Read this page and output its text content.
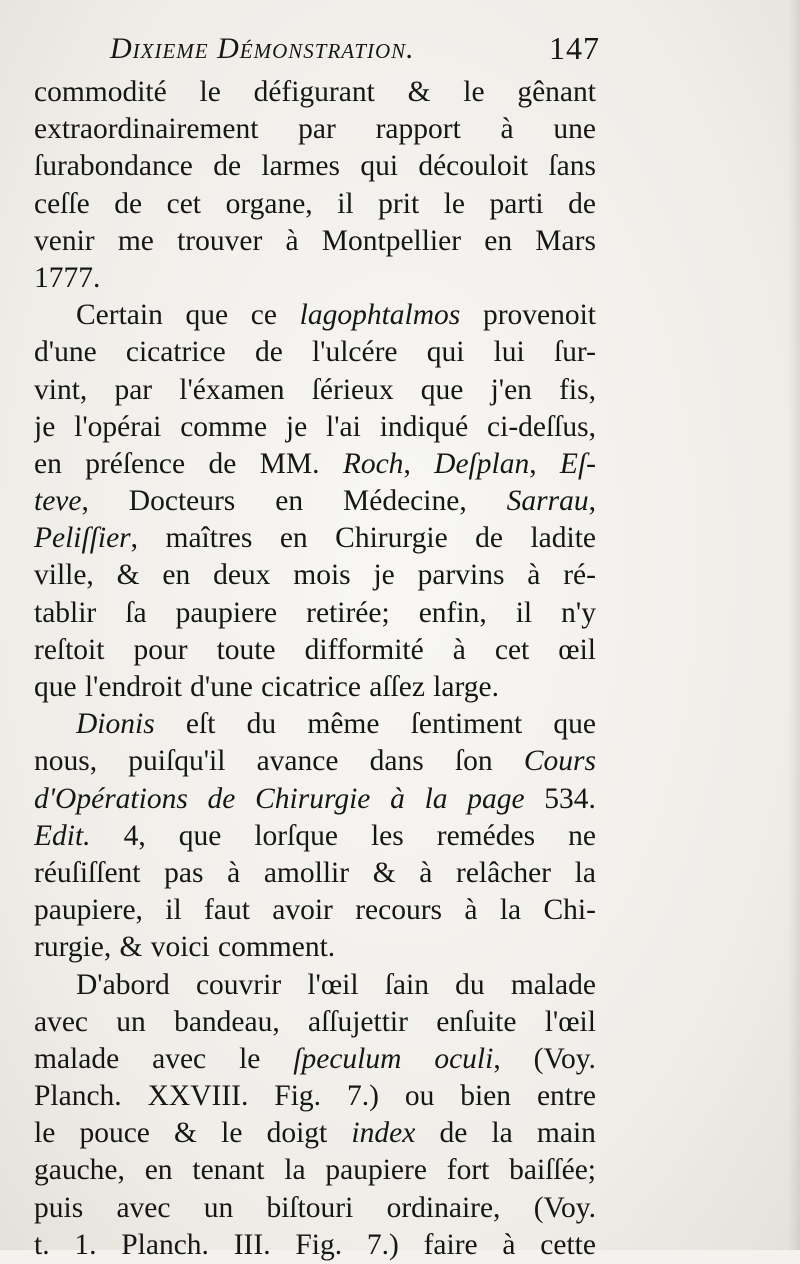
Dixieme Démonstration.	147
commodité le défigurant & le gênant
extraordinairement par rapport à une
ſurabondance de larmes qui découloit ſans
ceſſe de cet organe, il prit le parti de
venir me trouver à Montpellier en Mars
1777.
Certain que ce lagophtalmos provenoit
d'une cicatrice de l'ulcére qui lui ſur-
vint, par l'éxamen ſérieux que j'en fis,
je l'opérai comme je l'ai indiqué ci-deſſus,
en préſence de MM. Roch, Deſplan, Eſ-
teve, Docteurs en Médecine, Sarrau,
Peliſſier, maîtres en Chirurgie de ladite
ville, & en deux mois je parvins à ré-
tablir ſa paupiere retirée; enfin, il n'y
reſtoit pour toute difformité à cet œil
que l'endroit d'une cicatrice aſſez large.
Dionis eſt du même ſentiment que
nous, puiſqu'il avance dans ſon Cours
d'Opérations de Chirurgie à la page 534.
Edit. 4, que lorſque les remédes ne
réuſiſſent pas à amollir & à relâcher la
paupiere, il faut avoir recours à la Chi-
rurgie, & voici comment.
D'abord couvrir l'œil ſain du malade
avec un bandeau, aſſujettir enſuite l'œil
malade avec le ſpeculum oculi, (Voy.
Planch. XXVIII. Fig. 7.) ou bien entre
le pouce & le doigt index de la main
gauche, en tenant la paupiere fort baiſſée;
puis avec un biſtouri ordinaire, (Voy.
t. 1. Planch. III. Fig. 7.) faire à cette
